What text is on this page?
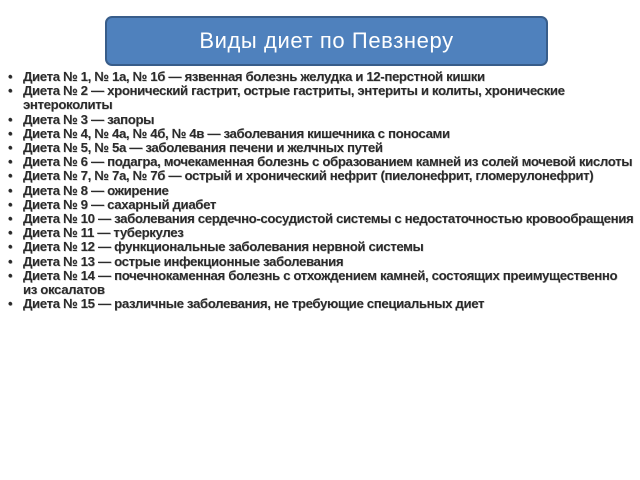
Виды диет по Певзнеру
• Диета № 1, № 1а, № 1б — язвенная болезнь желудка и 12-перстной кишки
• Диета № 2 — хронический гастрит, острые гастриты, энтериты и колиты, хронические энтероколиты
• Диета № 3 — запоры
• Диета № 4, № 4а, № 4б, № 4в — заболевания кишечника с поносами
• Диета № 5, № 5а — заболевания печени и желчных путей
• Диета № 6 — подагра, мочекаменная болезнь с образованием камней из солей мочевой кислоты
• Диета № 7, № 7а, № 7б — острый и хронический нефрит (пиелонефрит, гломерулонефрит)
• Диета № 8 — ожирение
• Диета № 9 — сахарный диабет
• Диета № 10 — заболевания сердечно-сосудистой системы с недостаточностью кровообращения
• Диета № 11 — туберкулез
• Диета № 12 — функциональные заболевания нервной системы
• Диета № 13 — острые инфекционные заболевания
• Диета № 14 — почечнокаменная болезнь с отхождением камней, состоящих преимущественно из оксалатов
• Диета № 15 — различные заболевания, не требующие специальных диет
